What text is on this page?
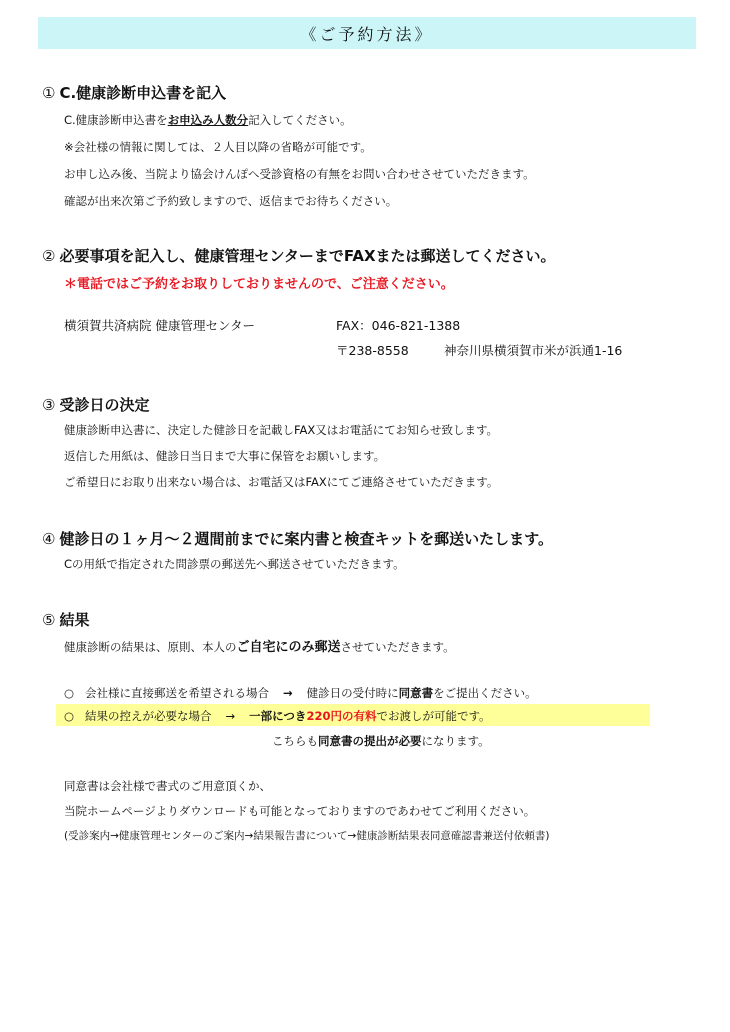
《ご予約方法》
① C.健康診断申込書を記入
C.健康診断申込書をお申込み人数分記入してください。
※会社様の情報に関しては、２人目以降の省略が可能です。
お申し込み後、当院より協会けんぽへ受診資格の有無をお問い合わせさせていただきます。
確認が出来次第ご予約致しますので、返信までお待ちください。
② 必要事項を記入し、健康管理センターまでFAXまたは郵送してください。
＊電話ではご予約をお取りしておりませんので、ご注意ください。
横須賀共済病院 健康管理センター	FAX：046-821-1388
〒238-8558	神奈川県横須賀市米が浜通1-16
③ 受診日の決定
健康診断申込書に、決定した健診日を記載しFAX又はお電話にてお知らせ致します。
返信した用紙は、健診日当日まで大事に保管をお願いします。
ご希望日にお取り出来ない場合は、お電話又はFAXにてご連絡させていただきます。
④ 健診日の１ヶ月〜２週間前までに案内書と検査キットを郵送いたします。
Cの用紙で指定された問診票の郵送先へ郵送させていただきます。
⑤ 結果
健康診断の結果は、原則、本人のご自宅にのみ郵送させていただきます。
○ 会社様に直接郵送を希望される場合 → 健診日の受付時に同意書をご提出ください。
○ 結果の控えが必要な場合 → 一部につき220円の有料でお渡しが可能です。
こちらも同意書の提出が必要になります。
同意書は会社様で書式のご用意頂くか、
当院ホームページよりダウンロードも可能となっておりますのであわせてご利用ください。
(受診案内→健康管理センターのご案内→結果報告書について→健康診断結果表同意確認書兼送付依頼書)
